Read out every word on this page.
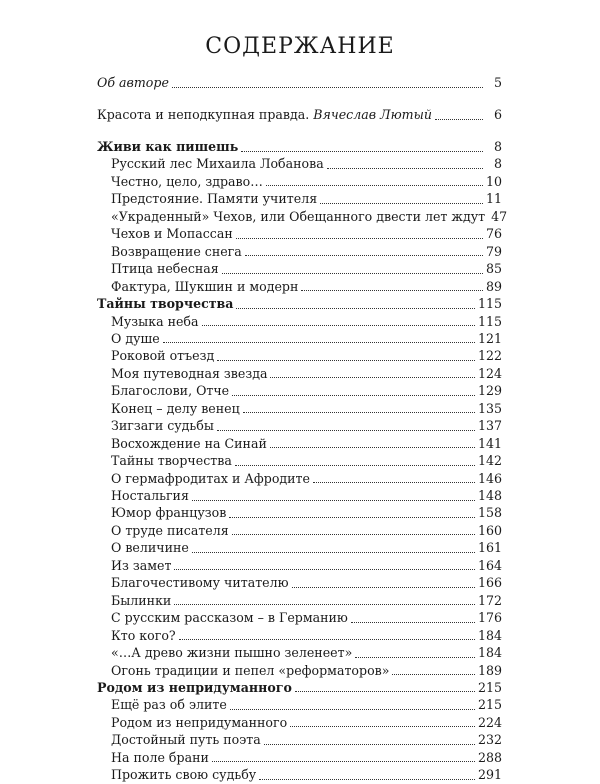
СОДЕРЖАНИЕ
Об авторе	5
Красота и неподкупная правда. Вячеслав Лютый	6
Живи как пишешь	8
Русский лес Михаила Лобанова	8
Честно, цело, здраво…	10
Предстояние. Памяти учителя	11
«Украденный» Чехов, или Обещанного двести лет ждут 47
Чехов и Мопассан	76
Возвращение снега	79
Птица небесная	85
Фактура, Шукшин и модерн	89
Тайны творчества	115
Музыка неба	115
О душе	121
Роковой отъезд	122
Моя путеводная звезда	124
Благослови, Отче	129
Конец – делу венец	135
Зигзаги судьбы	137
Восхождение на Синай	141
Тайны творчества	142
О гермафродитах и Афродите	146
Ностальгия	148
Юмор французов	158
О труде писателя	160
О величине	161
Из замет	164
Благочестивому читателю	166
Былинки	172
С русским рассказом – в Германию	176
Кто кого?	184
«…А древо жизни пышно зеленеет»	184
Огонь традиции и пепел «реформаторов»	189
Родом из непридуманного	215
Ещё раз об элите	215
Родом из непридуманного	224
Достойный путь поэта	232
На поле брани	288
Прожить свою судьбу	291
